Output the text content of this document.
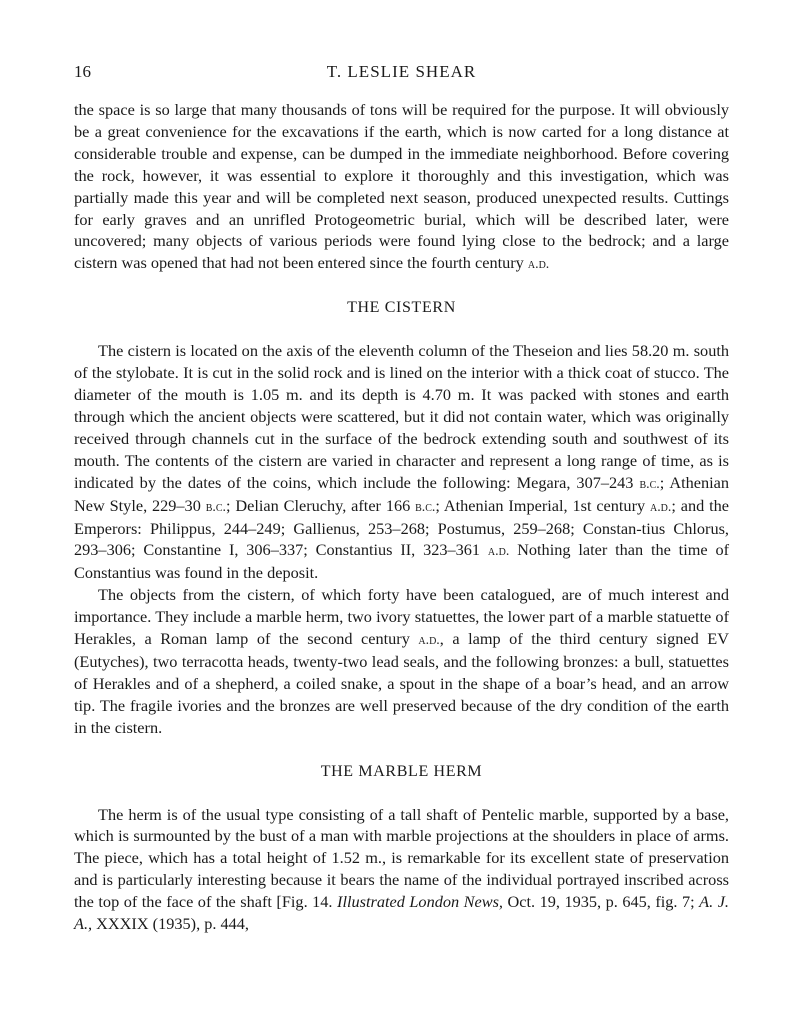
16	T. LESLIE SHEAR

the space is so large that many thousands of tons will be required for the purpose. It will obviously be a great convenience for the excavations if the earth, which is now carted for a long distance at considerable trouble and expense, can be dumped in the immediate neighborhood. Before covering the rock, however, it was essential to explore it thoroughly and this investigation, which was partially made this year and will be completed next season, produced unexpected results. Cuttings for early graves and an unrifled Protogeometric burial, which will be described later, were uncovered; many objects of various periods were found lying close to the bedrock; and a large cistern was opened that had not been entered since the fourth century a.d.

THE CISTERN

The cistern is located on the axis of the eleventh column of the Theseion and lies 58.20 m. south of the stylobate. It is cut in the solid rock and is lined on the interior with a thick coat of stucco. The diameter of the mouth is 1.05 m. and its depth is 4.70 m. It was packed with stones and earth through which the ancient objects were scattered, but it did not contain water, which was originally received through channels cut in the surface of the bedrock extending south and southwest of its mouth. The contents of the cistern are varied in character and represent a long range of time, as is indicated by the dates of the coins, which include the following: Megara, 307–243 b.c.; Athenian New Style, 229–30 b.c.; Delian Cleruchy, after 166 b.c.; Athenian Imperial, 1st century a.d.; and the Emperors: Philippus, 244–249; Gallienus, 253–268; Postumus, 259–268; Constan-tius Chlorus, 293–306; Constantine I, 306–337; Constantius II, 323–361 a.d. Nothing later than the time of Constantius was found in the deposit.

The objects from the cistern, of which forty have been catalogued, are of much interest and importance. They include a marble herm, two ivory statuettes, the lower part of a marble statuette of Herakles, a Roman lamp of the second century a.d., a lamp of the third century signed EV (Eutyches), two terracotta heads, twenty-two lead seals, and the following bronzes: a bull, statuettes of Herakles and of a shepherd, a coiled snake, a spout in the shape of a boar’s head, and an arrow tip. The fragile ivories and the bronzes are well preserved because of the dry condition of the earth in the cistern.

THE MARBLE HERM

The herm is of the usual type consisting of a tall shaft of Pentelic marble, supported by a base, which is surmounted by the bust of a man with marble projections at the shoulders in place of arms. The piece, which has a total height of 1.52 m., is remarkable for its excellent state of preservation and is particularly interesting because it bears the name of the individual portrayed inscribed across the top of the face of the shaft [Fig. 14. Illustrated London News, Oct. 19, 1935, p. 645, fig. 7; A. J. A., XXXIX (1935), p. 444,
